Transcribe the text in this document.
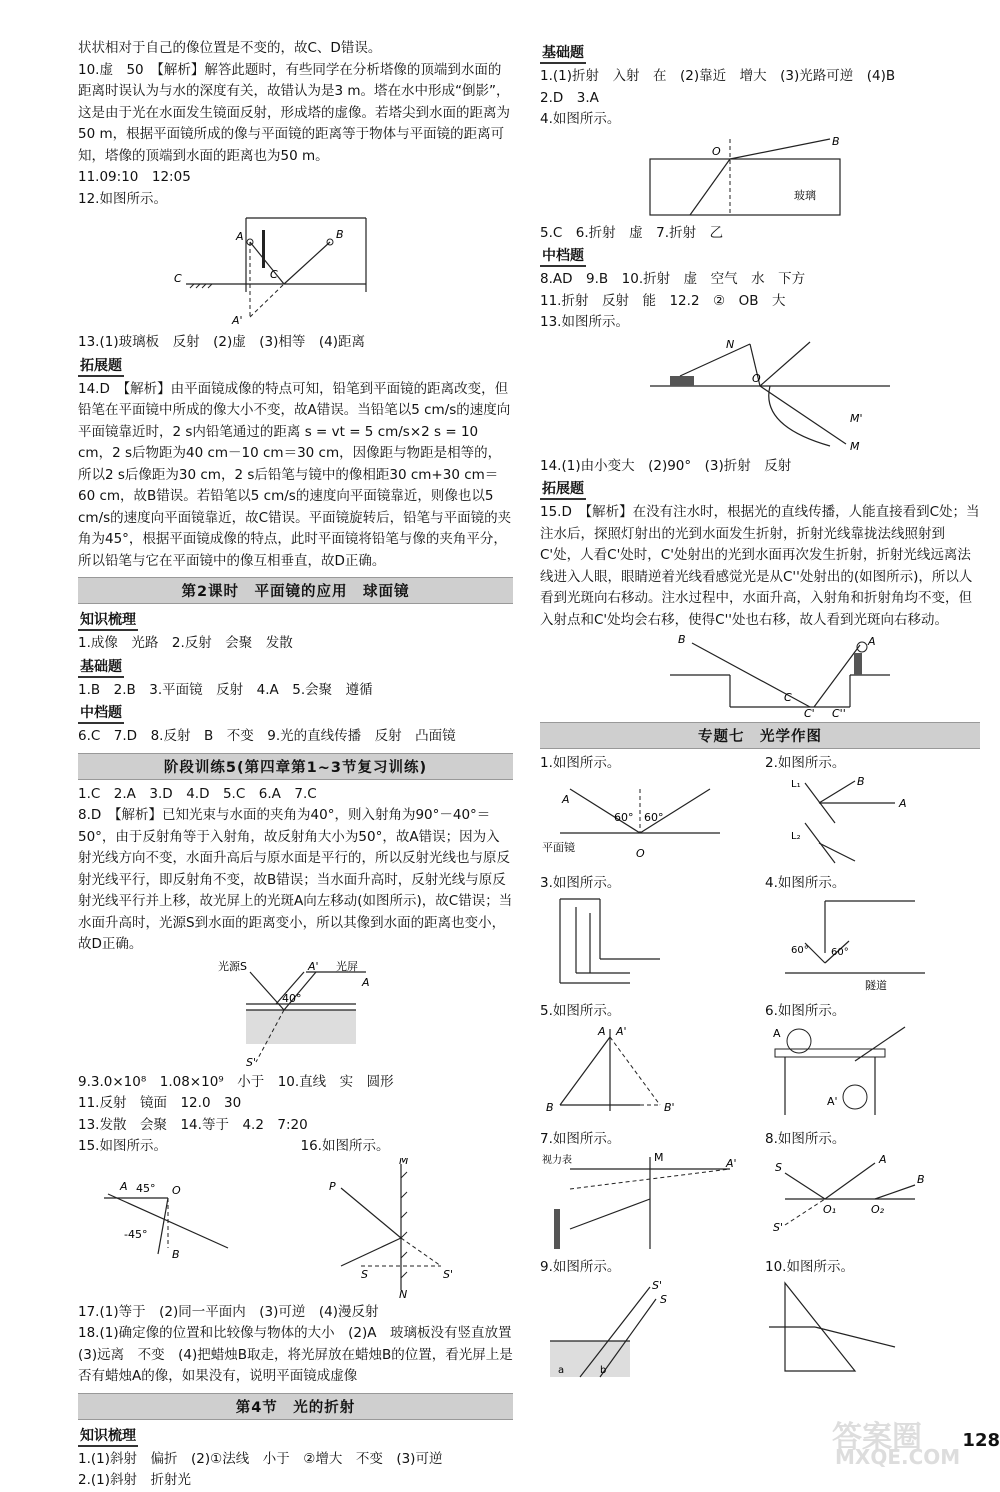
状状相对于自己的像位置是不变的，故C、D错误。

10.虚　50　【解析】解答此题时，有些同学在分析塔像的顶端到水面的距离时误认为与水的深度有关，故错认为是3 m。塔在水中形成“倒影”，这是由于光在水面发生镜面反射，形成塔的虚像。若塔尖到水面的距离为50 m，根据平面镜所成的像与平面镜的距离等于物体与平面镜的距离可知，塔像的顶端到水面的距离也为50 m。

11.09:10　12:05

12.如图所示。

A	B
C	C
A'

13.(1)玻璃板　反射　(2)虚　(3)相等　(4)距离

拓展题

14.D　【解析】由平面镜成像的特点可知，铅笔到平面镜的距离改变，但铅笔在平面镜中所成的像大小不变，故A错误。当铅笔以5 cm/s的速度向平面镜靠近时，2 s内铅笔通过的距离 s = vt = 5 cm/s×2 s = 10 cm，2 s后物距为40 cm－10 cm＝30 cm，因像距与物距是相等的，所以2 s后像距为30 cm，2 s后铅笔与镜中的像相距30 cm+30 cm＝60 cm，故B错误。若铅笔以5 cm/s的速度向平面镜靠近，则像也以5 cm/s的速度向平面镜靠近，故C错误。平面镜旋转后，铅笔与平面镜的夹角为45°，根据平面镜成像的特点，此时平面镜将铅笔与像的夹角平分，所以铅笔与它在平面镜中的像互相垂直，故D正确。

第2课时　平面镜的应用　球面镜
知识梳理

1.成像　光路　2.反射　会聚　发散

基础题

1.B　2.B　3.平面镜　反射　4.A　5.会聚　遵循

中档题

6.C　7.D　8.反射　B　不变　9.光的直线传播　反射　凸面镜

阶段训练5(第四章第1~3节复习训练)

1.C　2.A　3.D　4.D　5.C　6.A　7.C

8.D　【解析】已知光束与水面的夹角为40°，则入射角为90°－40°＝50°，由于反射角等于入射角，故反射角大小为50°，故A错误；因为入射光线方向不变，水面升高后与原水面是平行的，所以反射光线也与原反射光线平行，即反射角不变，故B错误；当水面升高时，反射光线与原反射光线平行并上移，故光屏上的光斑A向左移动(如图所示)，故C错误；当水面升高时，光源S到水面的距离变小，所以其像到水面的距离也变小，故D正确。

光源S	光屏
A'
A
40°
S'

9.3.0×10⁸　1.08×10⁹　小于　10.直线　实　圆形

11.反射　镜面　12.0　30

13.发散　会聚　14.等于　4.2　7:20

15.如图所示。

A 45° O
-45°
B

16.如图所示。

M
N
P
S	S'

17.(1)等于　(2)同一平面内　(3)可逆　(4)漫反射

18.(1)确定像的位置和比较像与物体的大小　(2)A　玻璃板没有竖直放置　(3)远离　不变　(4)把蜡烛B取走，将光屏放在蜡烛B的位置，看光屏上是否有蜡烛A的像，如果没有，说明平面镜成虚像

第4节　光的折射
知识梳理

1.(1)斜射　偏折　(2)①法线　小于　②增大　不变　(3)可逆

2.(1)斜射　折射光

基础题

1.(1)折射　入射　在　(2)靠近　增大　(3)光路可逆　(4)B

2.D　3.A

4.如图所示。

B
O
玻璃

5.C　6.折射　虚　7.折射　乙

中档题

8.AD　9.B　10.折射　虚　空气　水　下方

11.折射　反射　能　12.2　②　OB　大

13.如图所示。

O
N
M'
M

14.(1)由小变大　(2)90°　(3)折射　反射

拓展题

15.D　【解析】在没有注水时，根据光的直线传播，人能直接看到C处；当注水后，探照灯射出的光到水面发生折射，折射光线靠拢法线照射到C'处，人看C'处时，C'处射出的光到水面再次发生折射，折射光线远离法线进入人眼，眼睛逆着光线看感觉光是从C''处射出的(如图所示)，所以人看到光斑向右移动。注水过程中，水面升高，入射角和折射角均不变，但入射点和C'处均会右移，使得C''处也右移，故人看到光斑向右移动。

B	A
C
C' C''
专题七　光学作图

1.如图所示。

A
60° 60°
平面镜	O

2.如图所示。

L₁
L₂
B
A

3.如图所示。	4.如图所示。

60° 60°
隧道

5.如图所示。

A A'
B	B'

6.如图所示。

A
A'

7.如图所示。

视力表	M	A'

8.如图所示。

S
A
B
S'
O₁	O₂

9.如图所示。

S'
S
a	b

10.如图所示。

128
答案圈
MXQE.COM
